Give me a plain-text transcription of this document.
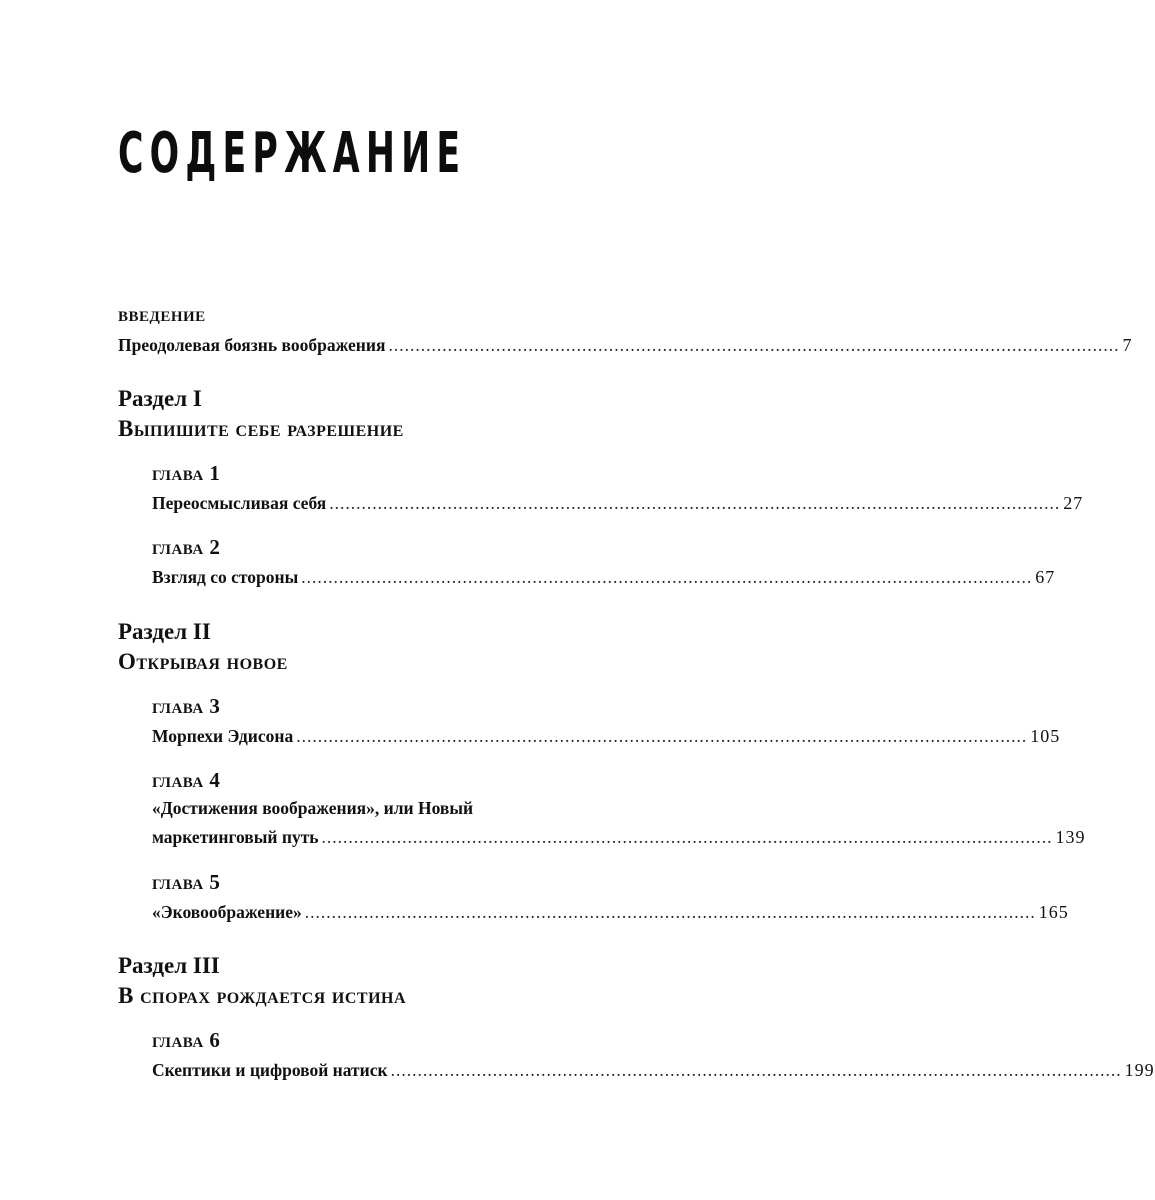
СОДЕРЖАНИЕ
введение
Преодолевая боязнь воображения ........................................................................................................................................ 7
Раздел I
Выпишите себе разрешение
глава 1
Переосмысливая себя ........................................................................................................................................ 27
глава 2
Взгляд со стороны ........................................................................................................................................ 67
Раздел II
Открывая новое
глава 3
Морпехи Эдисона ........................................................................................................................................ 105
глава 4
«Достижения воображения», или Новый
маркетинговый путь ........................................................................................................................................ 139
глава 5
«Эковоображение» ........................................................................................................................................ 165
Раздел III
В спорах рождается истина
глава 6
Скептики и цифровой натиск ........................................................................................................................................ 199
